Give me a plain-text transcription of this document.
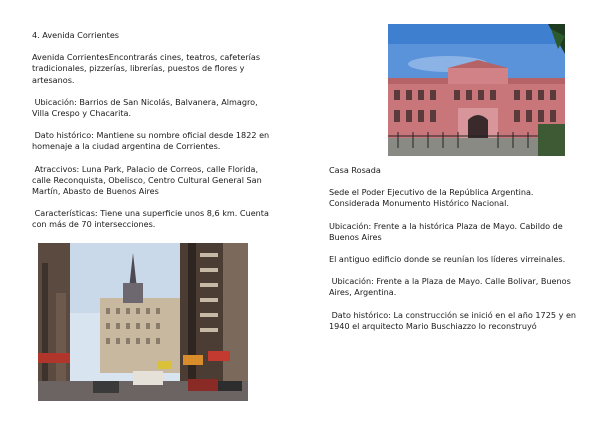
4. Avenida Corrientes

Avenida CorrientesEncontrarás cines, teatros, cafeterías tradicionales, pizzerías, librerías, puestos de flores y artesanos.

Ubicación: Barrios de San Nicolás, Balvanera, Almagro, Villa Crespo y Chacarita.

Dato histórico: Mantiene su nombre oficial desde 1822 en homenaje a la ciudad argentina de Corrientes.

Atraccivos: Luna Park, Palacio de Correos, calle Florida, calle Reconquista, Obelisco, Centro Cultural General San Martín, Abasto de Buenos Aires

Características: Tiene una superficie unos 8,6 km. Cuenta con más de 70 intersecciones.

Casa Rosada

Sede el Poder Ejecutivo de la República Argentina. Considerada Monumento Histórico Nacional.

Ubicación: Frente a la histórica Plaza de Mayo. Cabildo de Buenos Aires

El antiguo edificio donde se reunían los líderes virreinales.

Ubicación: Frente a la Plaza de Mayo. Calle Bolivar, Buenos Aires, Argentina.

Dato histórico: La construcción se inició en el año 1725 y en 1940 el arquitecto Mario Buschiazzo lo reconstruyó
